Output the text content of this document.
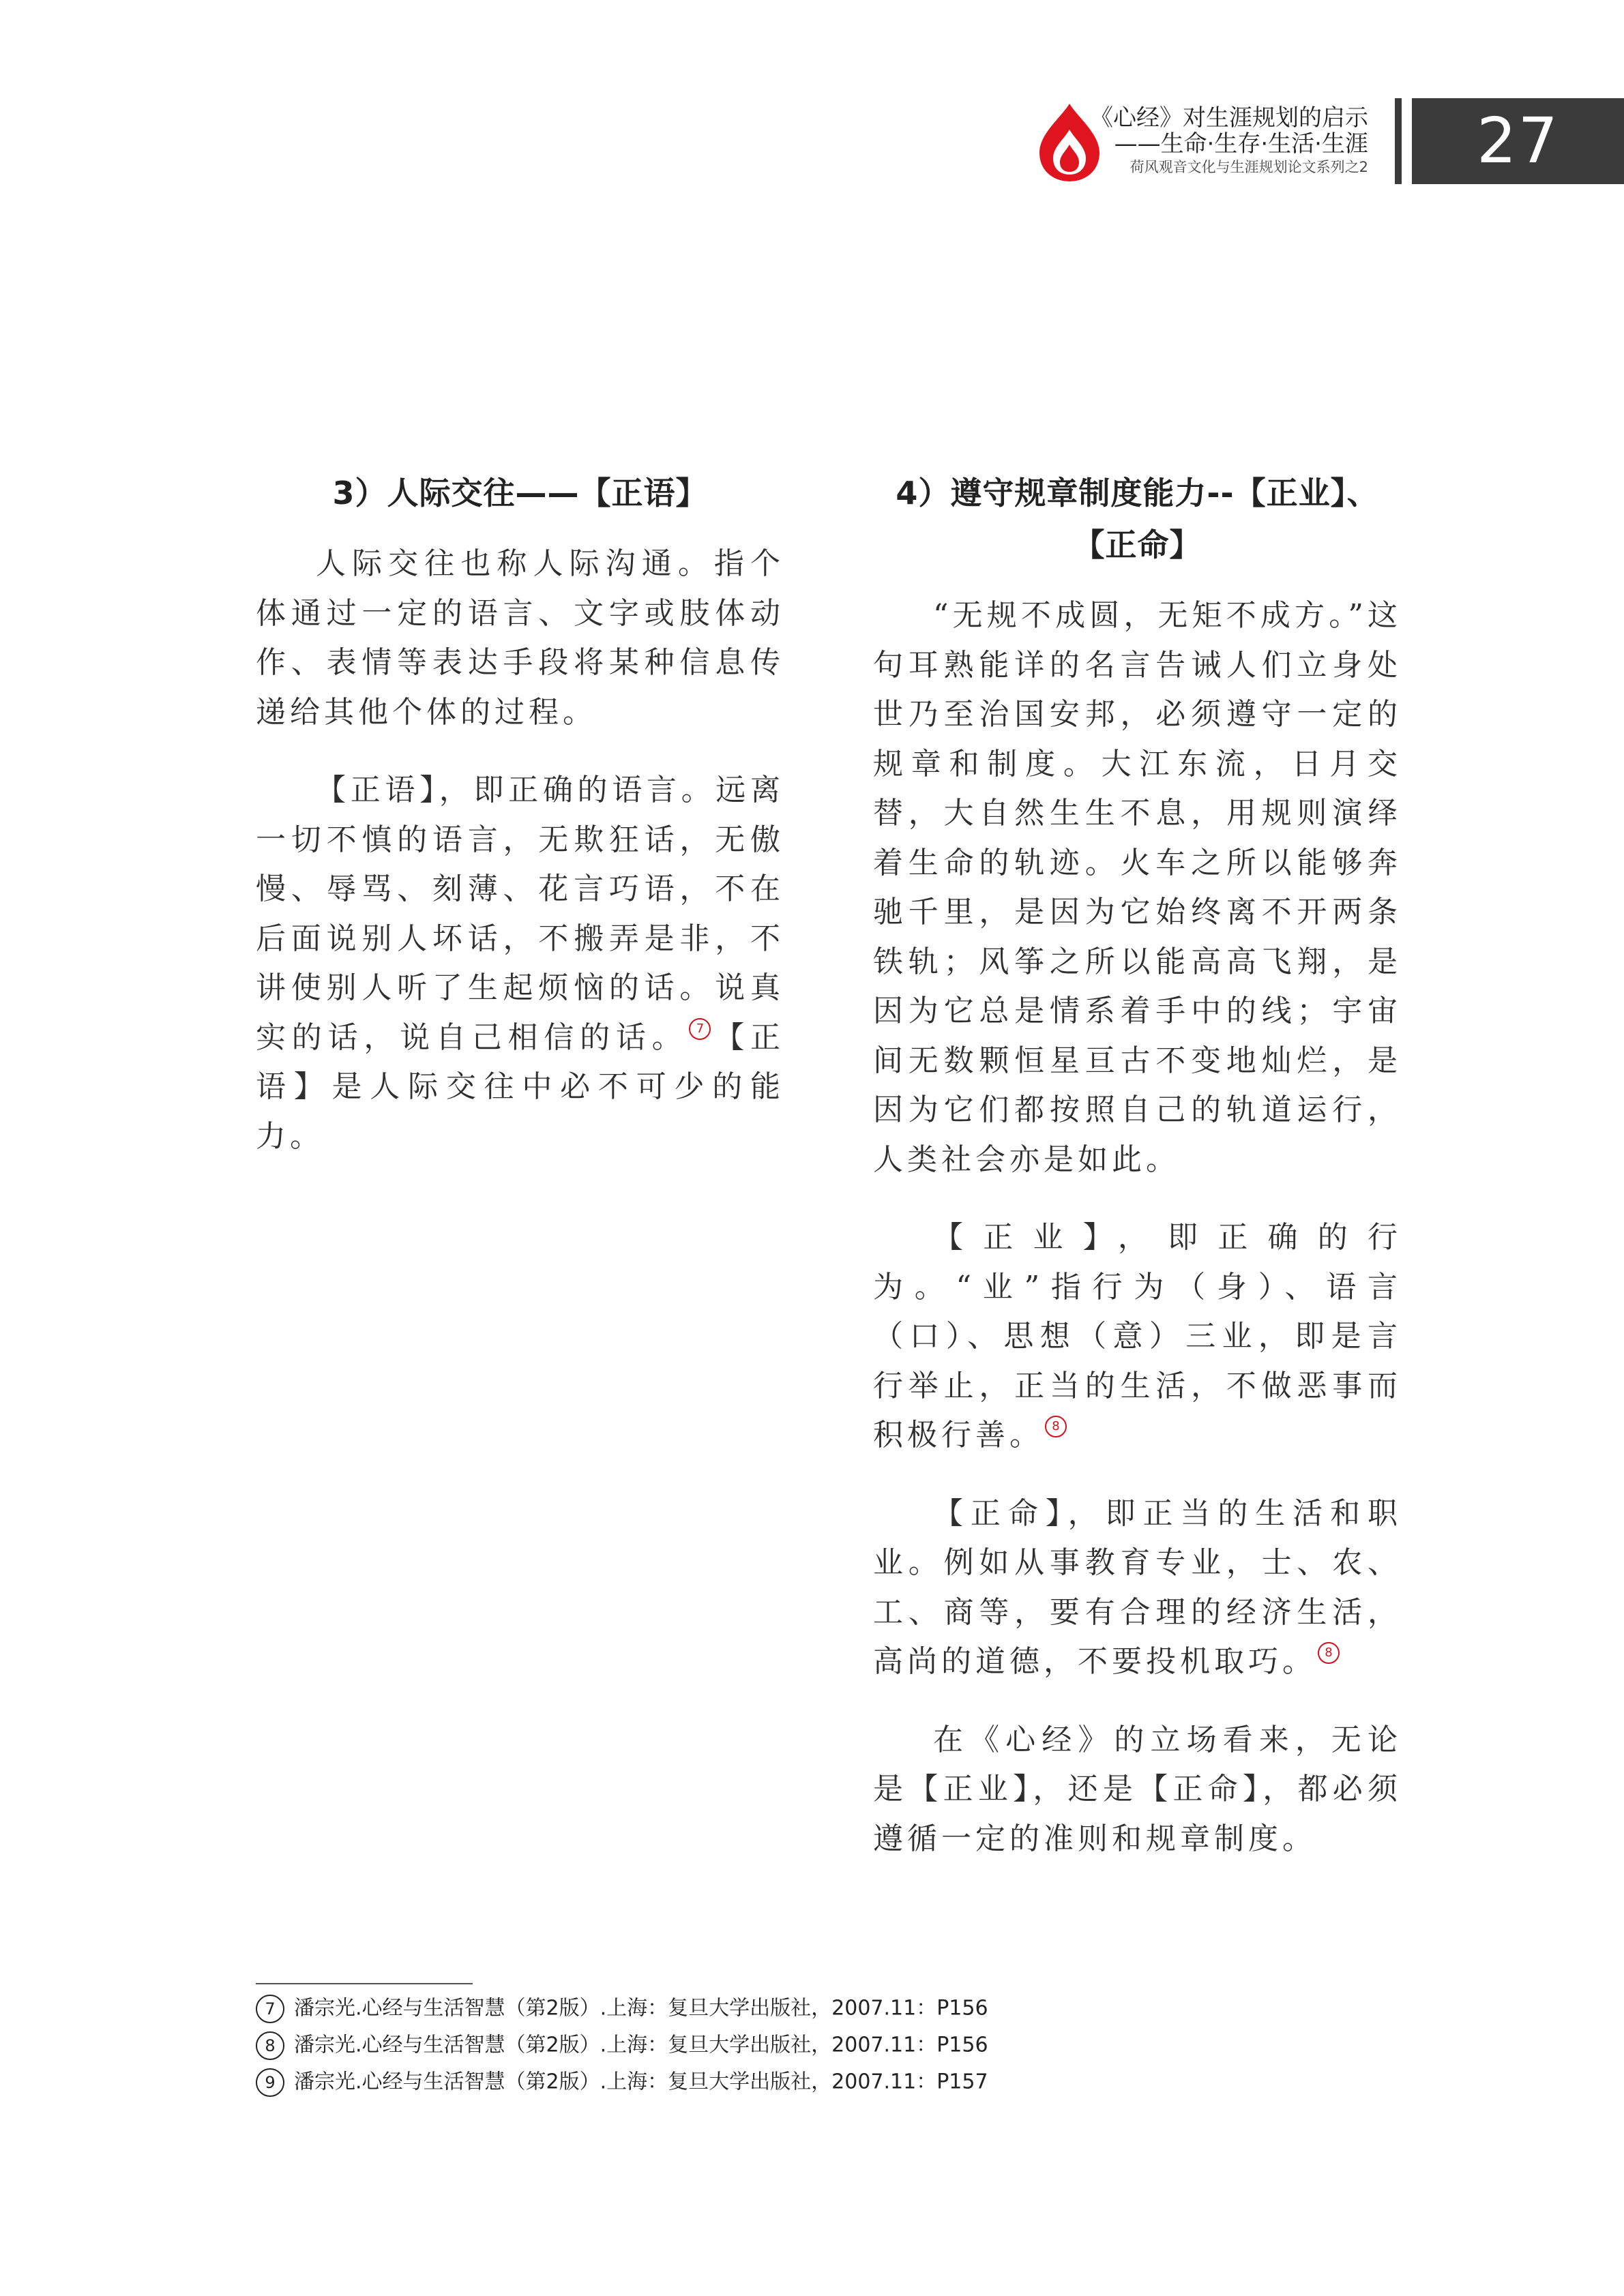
《心经》对生涯规划的启示
——生命·生存·生活·生涯
荷风观音文化与生涯规划论文系列之2	27
3）人际交往——【正语】

人际交往也称人际沟通。指个体通过一定的语言、文字或肢体动作、表情等表达手段将某种信息传递给其他个体的过程。

【正语】，即正确的语言。远离一切不慎的语言，无欺狂话，无傲慢、辱骂、刻薄、花言巧语，不在后面说别人坏话，不搬弄是非，不讲使别人听了生起烦恼的话。说真实的话，说自己相信的话。 7 【正语】是人际交往中必不可少的能力。

4）遵守规章制度能力--【正业】、【正命】

“无规不成圆，无矩不成方。”这句耳熟能详的名言告诫人们立身处世乃至治国安邦，必须遵守一定的规章和制度。大江东流，日月交替，大自然生生不息，用规则演绎着生命的轨迹。火车之所以能够奔驰千里，是因为它始终离不开两条铁轨；风筝之所以能高高飞翔，是因为它总是情系着手中的线；宇宙间无数颗恒星亘古不变地灿烂，是因为它们都按照自己的轨道运行，人类社会亦是如此。

【正业】，即正确的行为。“业”指行为（身）、语言（口）、思想（意）三业，即是言行举止，正当的生活，不做恶事而积极行善。 8

【正命】，即正当的生活和职业。例如从事教育专业，士、农、工、商等，要有合理的经济生活，高尚的道德，不要投机取巧。 8

在《心经》的立场看来，无论是【正业】，还是【正命】，都必须遵循一定的准则和规章制度。

7 潘宗光.心经与生活智慧（第2版）.上海：复旦大学出版社，2007.11：P156
8 潘宗光.心经与生活智慧（第2版）.上海：复旦大学出版社，2007.11：P156
9 潘宗光.心经与生活智慧（第2版）.上海：复旦大学出版社，2007.11：P157
